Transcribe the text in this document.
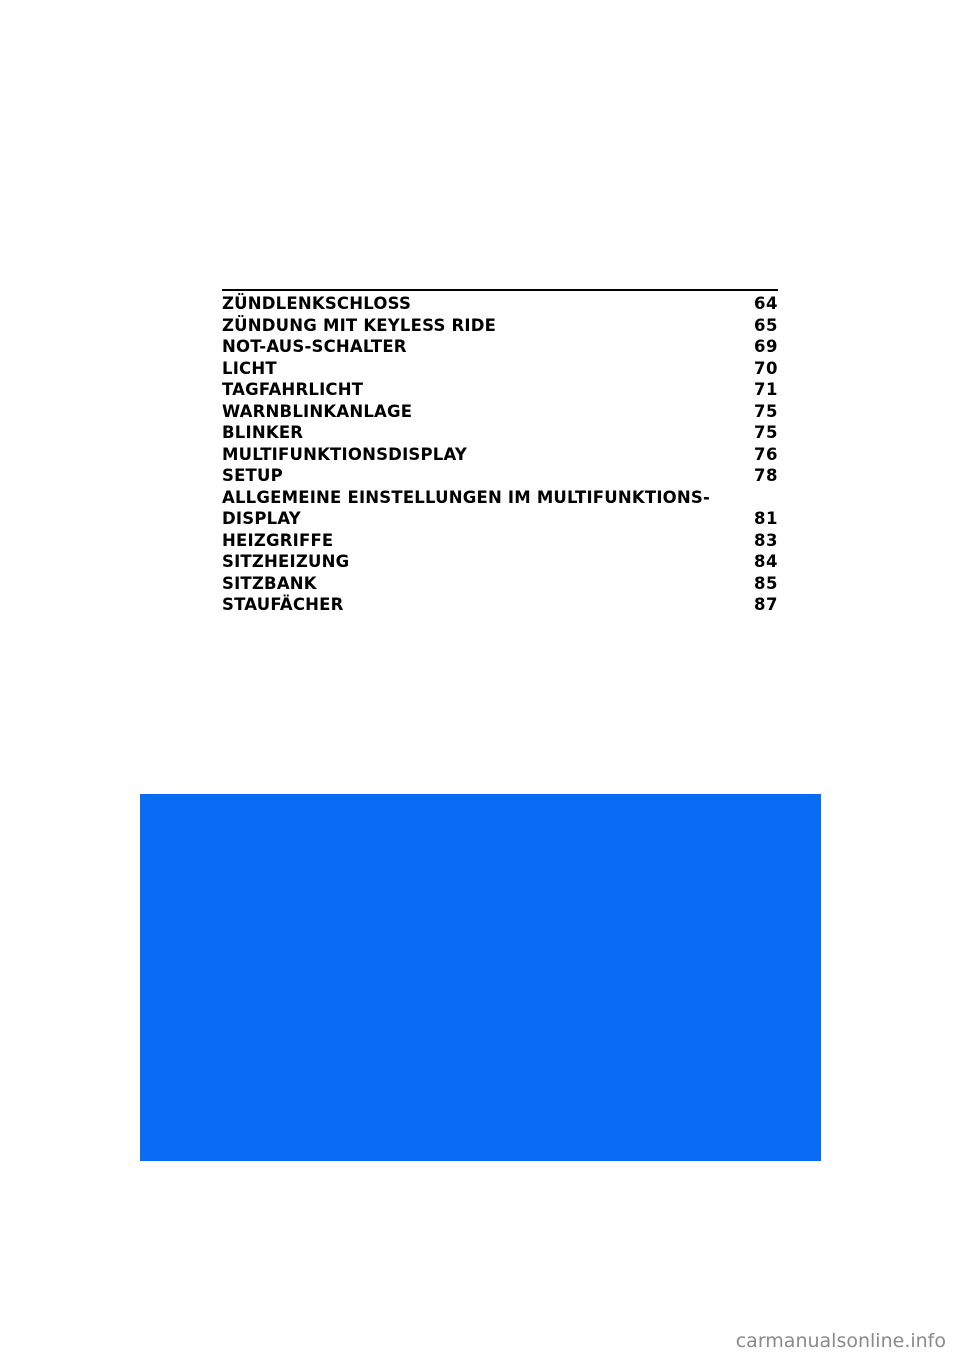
ZÜNDLENKSCHLOSS	64
ZÜNDUNG MIT KEYLESS RIDE	65
NOT-AUS-SCHALTER	69
LICHT	70
TAGFAHRLICHT	71
WARNBLINKANLAGE	75
BLINKER	75
MULTIFUNKTIONSDISPLAY	76
SETUP	78
ALLGEMEINE EINSTELLUNGEN IM MULTIFUNKTIONS-
DISPLAY	81
HEIZGRIFFE	83
SITZHEIZUNG	84
SITZBANK	85
STAUFÄCHER	87
carmanualsonline.info
